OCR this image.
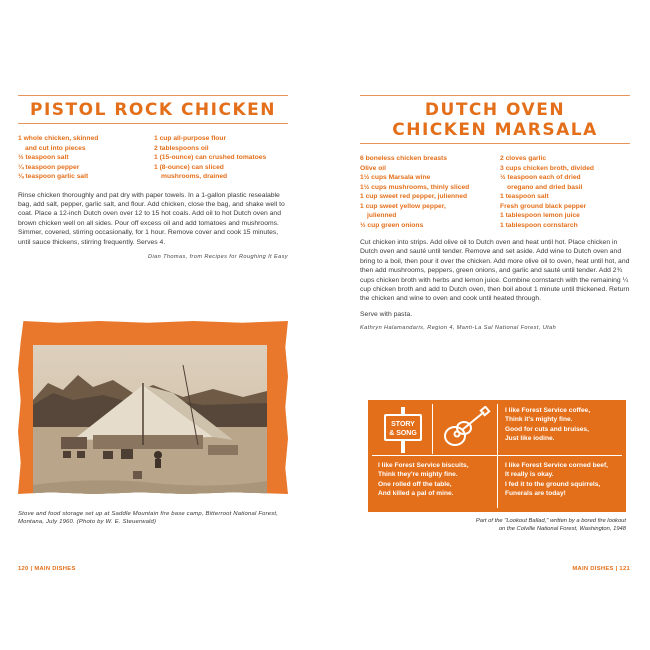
PISTOL ROCK CHICKEN
1 whole chicken, skinned
and cut into pieces
½ teaspoon salt
¼ teaspoon pepper
⅛ teaspoon garlic salt
1 cup all-purpose flour
2 tablespoons oil
1 (15-ounce) can crushed tomatoes
1 (8-ounce) can sliced
mushrooms, drained

Rinse chicken thoroughly and pat dry with paper towels. In a 1-gallon plastic resealable bag, add salt, pepper, garlic salt, and flour. Add chicken, close the bag, and shake well to coat. Place a 12-inch Dutch oven over 12 to 15 hot coals. Add oil to hot Dutch oven and brown chicken well on all sides. Pour off excess oil and add tomatoes and mushrooms. Simmer, covered, stirring occasionally, for 1 hour. Remove cover and cook 15 minutes, until sauce thickens, stirring frequently. Serves 4.

Dian Thomas, from Recipes for Roughing It Easy
Stove and food storage set up at Saddle Mountain fire base camp, Bitterroot National Forest, Montana, July 1960. (Photo by W. E. Steuerwald)
120 | MAIN DISHES
DUTCH OVEN
CHICKEN MARSALA
6 boneless chicken breasts
Olive oil
1½ cups Marsala wine
1½ cups mushrooms, thinly sliced
1 cup sweet red pepper, julienned
1 cup sweet yellow pepper,
julienned
½ cup green onions
2 cloves garlic
3 cups chicken broth, divided
½ teaspoon each of dried
oregano and dried basil
1 teaspoon salt
Fresh ground black pepper
1 tablespoon lemon juice
1 tablespoon cornstarch

Cut chicken into strips. Add olive oil to Dutch oven and heat until hot. Place chicken in Dutch oven and sauté until tender. Remove and set aside. Add wine to Dutch oven and bring to a boil, then pour it over the chicken. Add more olive oil to oven, heat until hot, and then add mushrooms, peppers, green onions, and garlic and sauté until tender. Add 2¾ cups chicken broth with herbs and lemon juice. Combine cornstarch with the remaining ¼ cup chicken broth and add to Dutch oven, then boil about 1 minute until thickened. Return the chicken and wine to oven and cook until heated through.

Serve with pasta.

Kathryn Halamandaris, Region 4, Manti-La Sal National Forest, Utah
STORY
& SONG
I like Forest Service coffee,
Think it's mighty fine.
Good for cuts and bruises,
Just like iodine.
I like Forest Service biscuits,
Think they're mighty fine.
One rolled off the table,
And killed a pal of mine.
I like Forest Service corned beef,
It really is okay.
I fed it to the ground squirrels,
Funerals are today!
Part of the "Lookout Ballad," written by a bored fire lookout
on the Colville National Forest, Washington, 1948
MAIN DISHES | 121
